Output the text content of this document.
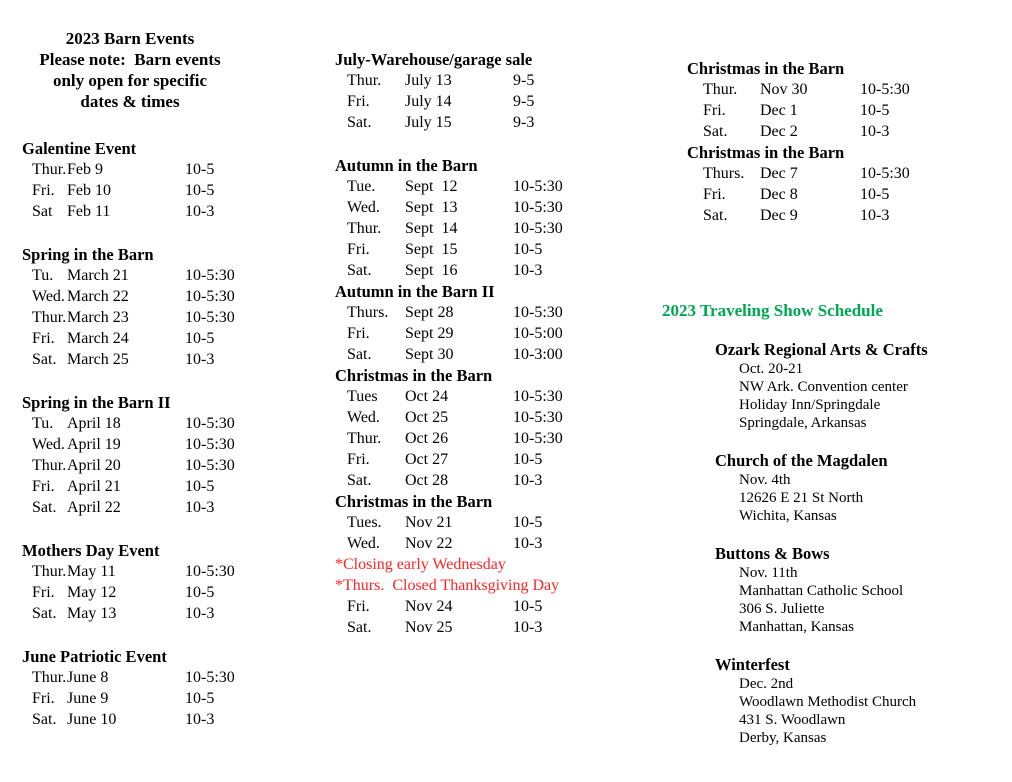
2023 Barn Events
Please note:  Barn events
only open for specific
dates & times
Galentine Event
Thur. Feb 9	10-5
Fri. Feb 10	10-5
Sat Feb 11	10-3
Spring in the Barn
Tu. March 21	10-5:30
Wed. March 22	10-5:30
Thur. March 23	10-5:30
Fri. March 24	10-5
Sat. March 25	10-3
Spring in the Barn II
Tu. April 18	10-5:30
Wed. April 19	10-5:30
Thur. April 20	10-5:30
Fri. April 21	10-5
Sat. April 22	10-3
Mothers Day Event
Thur. May 11	10-5:30
Fri. May 12	10-5
Sat. May 13	10-3
June Patriotic Event
Thur. June 8	10-5:30
Fri. June 9	10-5
Sat. June 10	10-3
July-Warehouse/garage sale
Thur.	July 13	9-5
Fri.	July 14	9-5
Sat.	July 15	9-3
Autumn in the Barn
Tue.	Sept  12	10-5:30
Wed.	Sept  13	10-5:30
Thur.	Sept  14	10-5:30
Fri.	Sept  15	10-5
Sat.	Sept  16	10-3
Autumn in the Barn II
Thurs.	Sept 28	10-5:30
Fri.	Sept 29	10-5:00
Sat.	Sept 30	10-3:00
Christmas in the Barn
Tues	Oct 24	10-5:30
Wed.	Oct 25	10-5:30
Thur.	Oct 26	10-5:30
Fri.	Oct 27	10-5
Sat.	Oct 28	10-3
Christmas in the Barn
Tues.	Nov 21	10-5
Wed.	Nov 22	10-3
*Closing early Wednesday
*Thurs.  Closed Thanksgiving Day
Fri.	Nov 24	10-5
Sat.	Nov 25	10-3
Christmas in the Barn
Thur.	Nov 30	10-5:30
Fri.	Dec 1	10-5
Sat.	Dec 2	10-3
Christmas in the Barn
Thurs. Dec 7	10-5:30
Fri.	Dec 8	10-5
Sat.	Dec 9	10-3
2023 Traveling Show Schedule
Ozark Regional Arts & Crafts
Oct. 20-21
NW Ark. Convention center
Holiday Inn/Springdale
Springdale, Arkansas
Church of the Magdalen
Nov. 4th
12626 E 21 St North
Wichita, Kansas
Buttons & Bows
Nov. 11th
Manhattan Catholic School
306 S. Juliette
Manhattan, Kansas
Winterfest
Dec. 2nd
Woodlawn Methodist Church
431 S. Woodlawn
Derby, Kansas
